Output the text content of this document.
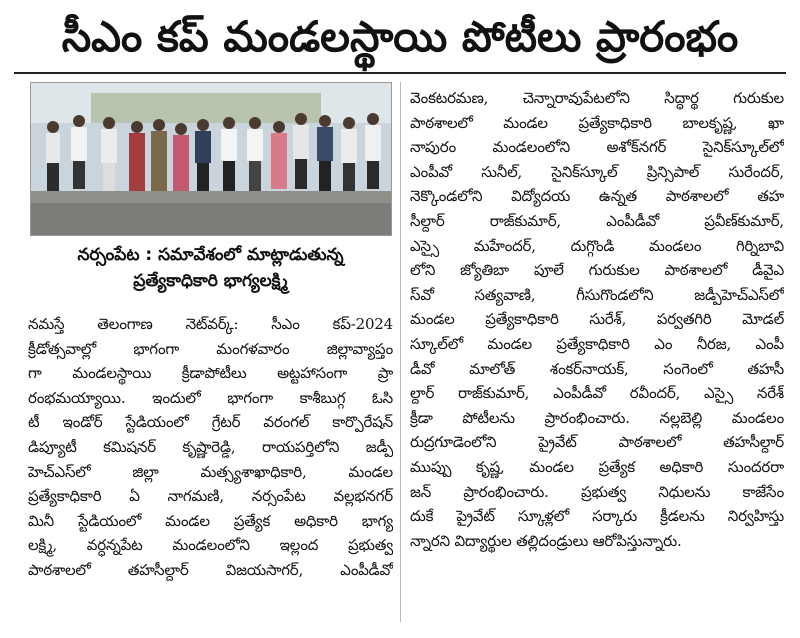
సీఎం కప్ మండలస్థాయి పోటీలు ప్రారంభం
నర్సంపేట : సమావేశంలో మాట్లాడుతున్న
ప్రత్యేకాధికారి భాగ్యలక్ష్మి
నమస్తే తెలంగాణ నెట్‌వర్క్: సీఎం కప్-2024
క్రీడోత్సవాల్లో భాగంగా మంగళవారం జిల్లావ్యాప్తం
గా మండలస్థాయి క్రీడాపోటీలు అట్టహాసంగా ప్రా
రంభమయ్యాయి. ఇందులో భాగంగా కాశీబుగ్గ ఓసి
టీ ఇండోర్ స్టేడియంలో గ్రేటర్ వరంగల్ కార్పొరేషన్
డిప్యూటీ కమిషనర్ కృష్ణారెడ్డి, రాయపర్తిలోని జడ్పీ
హెచ్‌ఎస్‌లో జిల్లా మత్స్యశాఖాధికారి, మండల
ప్రత్యేకాధికారి ఏ నాగమణి, నర్సంపేట వల్లభనగర్
మినీ స్టేడియంలో మండల ప్రత్యేక అధికారి భాగ్య
లక్ష్మి, వర్ధన్నపేట మండలంలోని ఇల్లంద ప్రభుత్వ
పాఠశాలలో తహసీల్దార్ విజయసాగర్, ఎంపీడీవో
వెంకటరమణ, చెన్నారావుపేటలోని సిద్ధార్థ గురుకుల
పాఠశాలలో మండల ప్రత్యేకాధికారి బాలకృష్ణ, ఖా
నాపురం మండలంలోని అశోక్‌నగర్ సైనిక్‌స్కూల్‌లో
ఎంపీవో సునీల్, సైనిక్‌స్కూల్ ప్రిన్సిపాల్ సురేందర్,
నెక్కొండలోని విద్యోదయ ఉన్నత పాఠశాలలో తహ
సీల్దార్ రాజ్‌కుమార్, ఎంపీడీవో ప్రవీణ్‌కుమార్,
ఎస్సై మహేందర్, దుగ్గొండి మండలం గిర్నిబావి
లోని జ్యోతిబా పూలే గురుకుల పాఠశాలలో డీవైఎ
స్‌వో సత్యవాణి, గీసుగొండలోని జడ్పీహెచ్‌ఎస్‌లో
మండల ప్రత్యేకాధికారి సురేశ్, పర్వతగిరి మోడల్
స్కూల్‌లో మండల ప్రత్యేకాధికారి ఎం నీరజ, ఎంపీ
డీవో మాలోత్ శంకర్‌నాయక్, సంగెంలో తహసీ
ల్దార్ రాజ్‌కుమార్, ఎంపీడీవో రవీందర్, ఎస్సై నరేశ్
క్రీడా పోటీలను ప్రారంభించారు. నల్లబెల్లి మండలం
రుద్రగూడెంలోని ప్రైవేట్ పాఠశాలలో తహసీల్దార్
ముప్పు కృష్ణ, మండల ప్రత్యేక అధికారి సుందరరా
జన్ ప్రారంభించారు. ప్రభుత్వ నిధులను కాజేసేం
దుకే ప్రైవేట్ స్కూళ్లలో సర్కారు క్రీడలను నిర్వహిస్తు
న్నారని విద్యార్థుల తల్లిదండ్రులు ఆరోపిస్తున్నారు.
